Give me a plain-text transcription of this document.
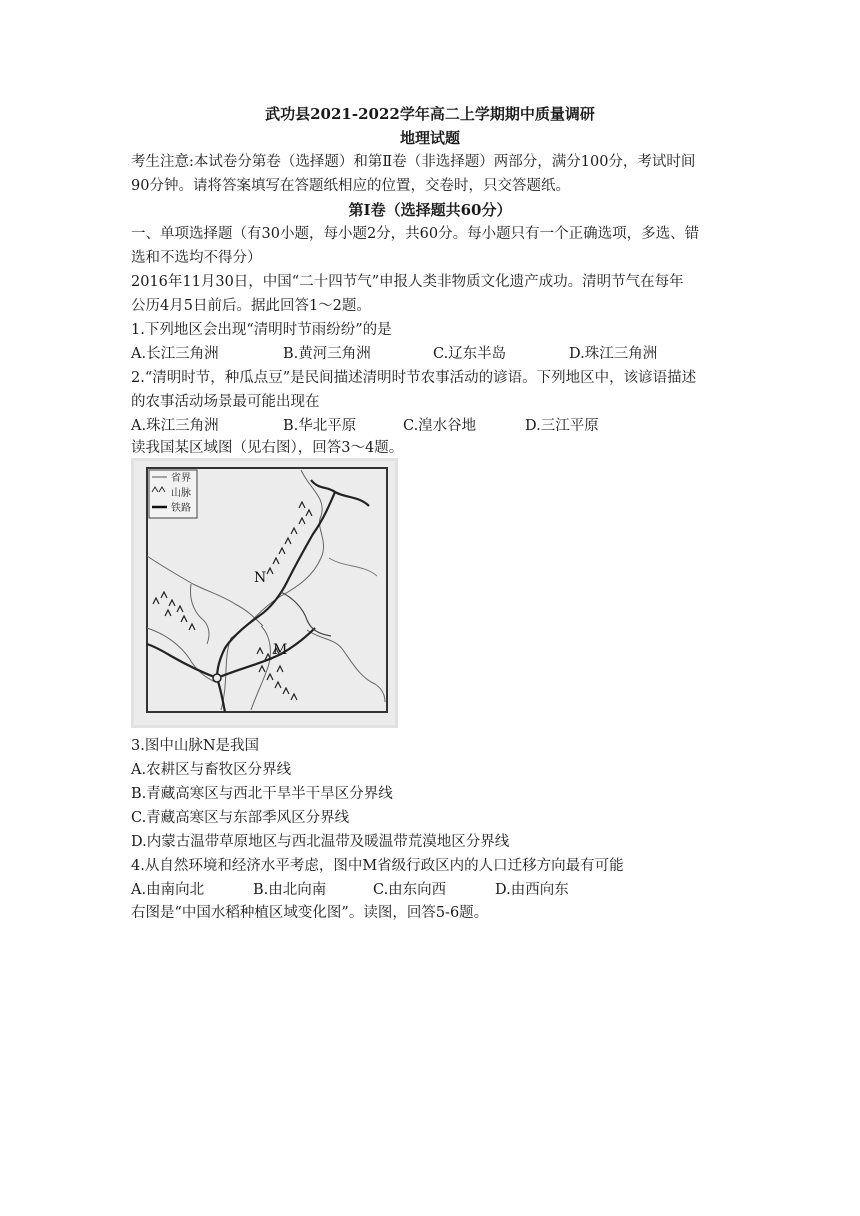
武功县2021-2022学年高二上学期期中质量调研
地理试题
考生注意:本试卷分第卷（选择题）和第Ⅱ卷（非选择题）两部分，满分100分，考试时间
90分钟。请将答案填写在答题纸相应的位置，交卷时，只交答题纸。
第Ⅰ卷（选择题共60分）
一、单项选择题（有30小题，每小题2分，共60分。每小题只有一个正确选项，多选、错
选和不选均不得分）
2016年11月30日，中国“二十四节气”申报人类非物质文化遗产成功。清明节气在每年
公历4月5日前后。据此回答1～2题。
1.下列地区会出现“清明时节雨纷纷”的是
A.长江三角洲	B.黄河三角洲	C.辽东半岛	D.珠江三角洲
2.“清明时节，种瓜点豆”是民间描述清明时节农事活动的谚语。下列地区中，该谚语描述
的农事活动场景最可能出现在
A.珠江三角洲	B.华北平原	C.湟水谷地	D.三江平原
读我国某区域图（见右图），回答3～4题。
省界
山脉
铁路
N
M
3.图中山脉N是我国
A.农耕区与畜牧区分界线
B.青藏高寒区与西北干旱半干旱区分界线
C.青藏高寒区与东部季风区分界线
D.内蒙古温带草原地区与西北温带及暖温带荒漠地区分界线
4.从自然环境和经济水平考虑，图中M省级行政区内的人口迁移方向最有可能
A.由南向北	B.由北向南	C.由东向西	D.由西向东
右图是“中国水稻种植区域变化图”。读图，回答5-6题。
